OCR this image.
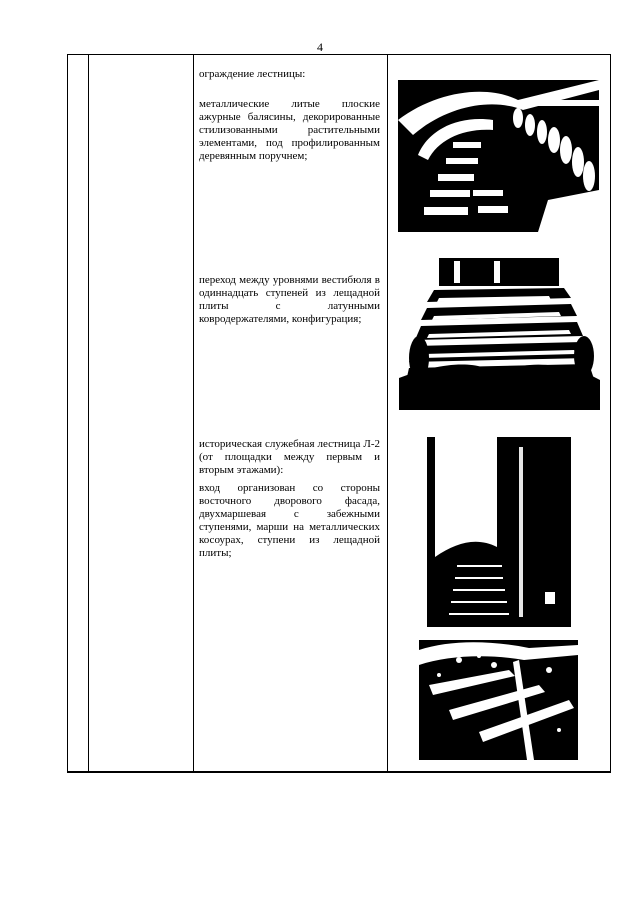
4

ограждение лестницы:

металлические литые плоские ажурные балясины, декорированные стилизованными растительными элементами, под профилированным деревянным поручнем;

переход между уровнями вестибюля в одиннадцать ступеней из лещадной плиты с латунными ковродержателями, конфигурация;

историческая служебная лестница Л-2 (от площадки между первым и вторым этажами):

вход организован со стороны восточного дворового фасада, двухмаршевая с забежными ступенями, марши на металлических косоурах, ступени из лещадной плиты;
